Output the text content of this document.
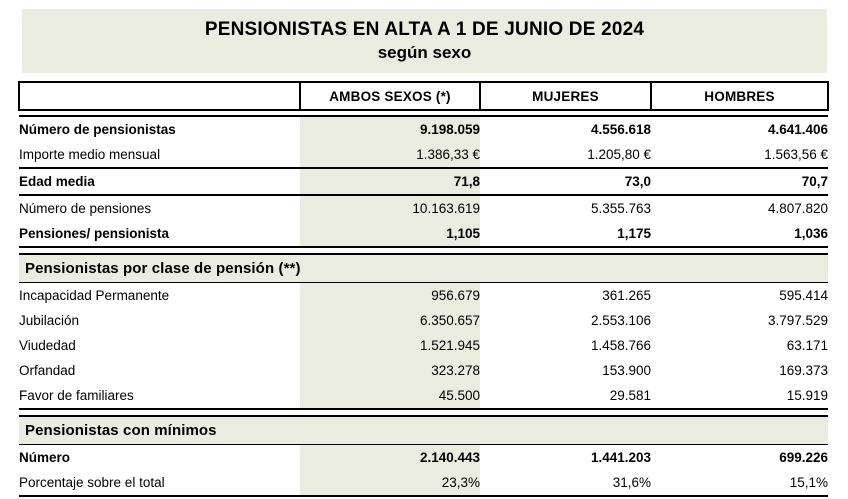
PENSIONISTAS EN ALTA A 1 DE JUNIO DE 2024
según sexo
	AMBOS SEXOS (*)	MUJERES	HOMBRES

Número de pensionistas	9.198.059	4.556.618	4.641.406
Importe medio mensual	1.386,33 €	1.205,80 €	1.563,56 €

Edad media	71,8	73,0	70,7

Número de pensiones	10.163.619	5.355.763	4.807.820
Pensiones/ pensionista	1,105	1,175	1,036

Pensionistas por clase de pensión (**)			

Incapacidad Permanente	956.679	361.265	595.414
Jubilación	6.350.657	2.553.106	3.797.529
Viudedad	1.521.945	1.458.766	63.171
Orfandad	323.278	153.900	169.373
Favor de familiares	45.500	29.581	15.919

Pensionistas con mínimos			

Número	2.140.443	1.441.203	699.226
Porcentaje sobre el total	23,3%	31,6%	15,1%
